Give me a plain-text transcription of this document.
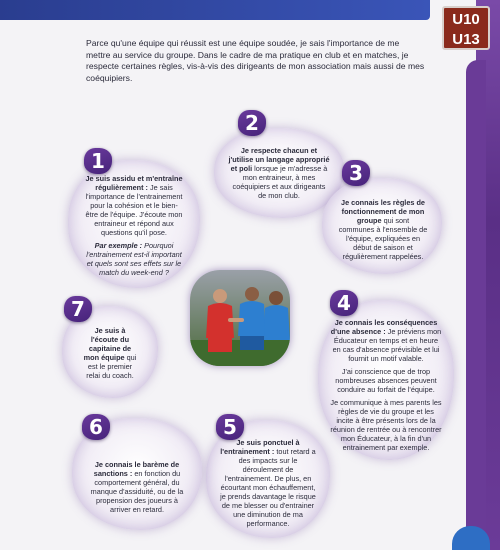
U10
U13

Parce qu'une équipe qui réussit est une équipe soudée, je sais l'importance de me mettre au service du groupe. Dans le cadre de ma pratique en club et en matches, je respecte certaines règles, vis-à-vis des dirigeants de mon association mais aussi de mes coéquipiers.

Je suis assidu et m'entraîne régulièrement : Je sais l'importance de l'entrainement pour la cohésion et le bien-être de l'équipe. J'écoute mon entraineur et répond aux questions qu'il pose.
Par exemple : Pourquoi l'entrainement est-il important et quels sont ses effets sur le match du week-end ?
1	Je respecte chacun et j'utilise un langage approprié et poli lorsque je m'adresse à mon entraineur, à mes coéquipiers et aux dirigeants de mon club.
2
Je connais les règles de fonctionnement de mon groupe qui sont communes à l'ensemble de l'équipe, expliquées en début de saison et régulièrement rappelées.
3
Je connais les conséquences d'une absence : Je préviens mon Éducateur en temps et en heure en cas d'absence prévisible et lui fournit un motif valable.
J'ai conscience que de trop nombreuses absences peuvent conduire au forfait de l'équipe.
Je communique à mes parents les règles de vie du groupe et les incite à être présents lors de la réunion de rentrée ou à rencontrer mon Éducateur, à la fin d'un entrainement par exemple.
4
Je suis ponctuel à l'entrainement : tout retard a des impacts sur le déroulement de l'entrainement. De plus, en écourtant mon échauffement, je prends davantage le risque de me blesser ou d'entrainer une diminution de ma performance.
5
Je connais le barème de sanctions : en fonction du comportement général, du manque d'assiduité, ou de la propension des joueurs à arriver en retard.
6
Je suis à l'écoute du capitaine de mon équipe qui est le premier relai du coach.
7
